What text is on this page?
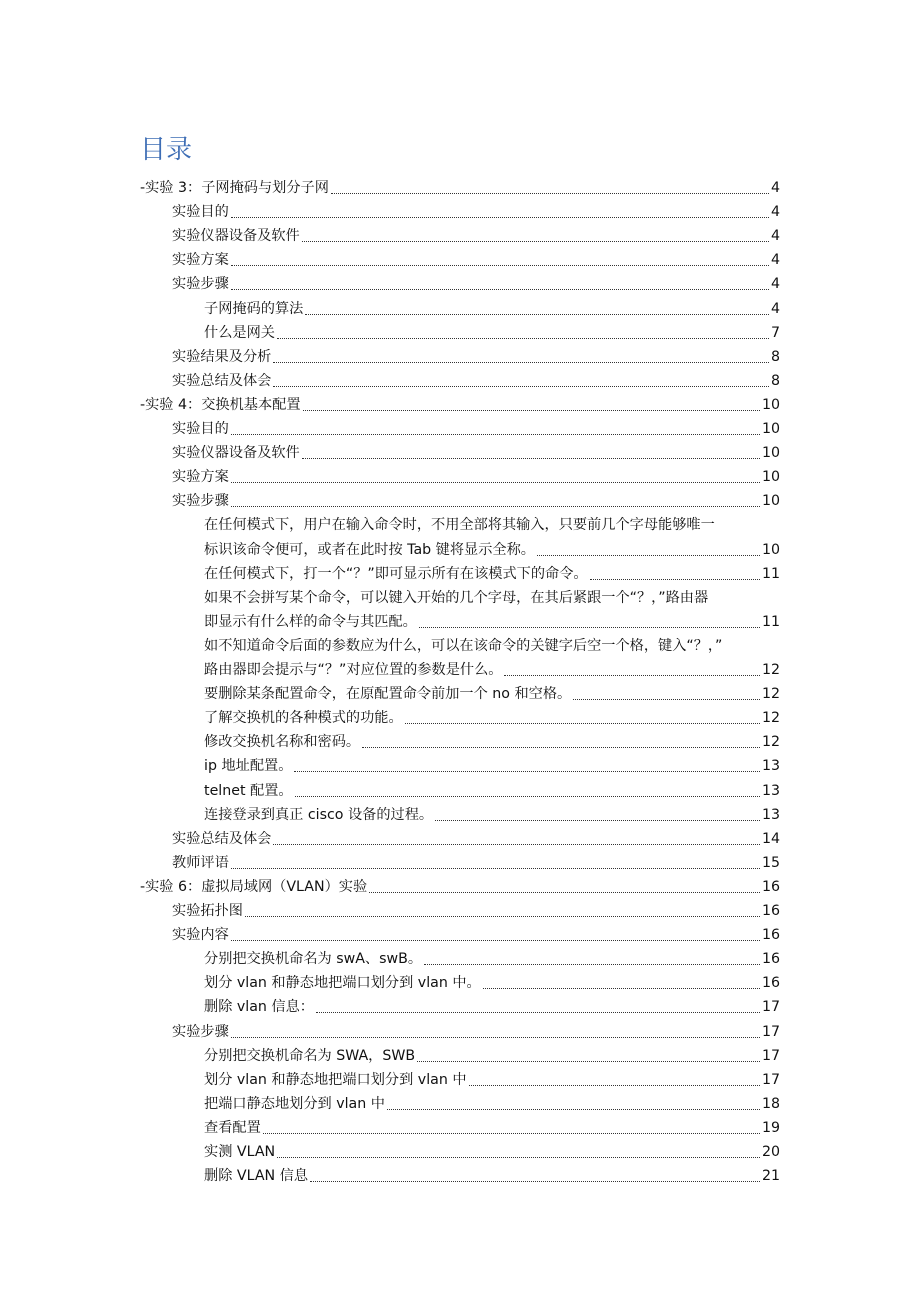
目录
-实验 3：子网掩码与划分子网	4
实验目的	4
实验仪器设备及软件	4
实验方案	4
实验步骤	4
子网掩码的算法	4
什么是网关	7
实验结果及分析	8
实验总结及体会	8
-实验 4：交换机基本配置	10
实验目的	10
实验仪器设备及软件	10
实验方案	10
实验步骤	10
在任何模式下，用户在输入命令时，不用全部将其输入，只要前几个字母能够唯一
标识该命令便可，或者在此时按 Tab 键将显示全称。	10
在任何模式下，打一个“？”即可显示所有在该模式下的命令。	11
如果不会拼写某个命令，可以键入开始的几个字母，在其后紧跟一个“？，”路由器
即显示有什么样的命令与其匹配。	11
如不知道命令后面的参数应为什么，可以在该命令的关键字后空一个格，键入“？，”
路由器即会提示与“？”对应位置的参数是什么。	12
要删除某条配置命令，在原配置命令前加一个 no 和空格。	12
了解交换机的各种模式的功能。	12
修改交换机名称和密码。	12
ip 地址配置。	13
telnet 配置。	13
连接登录到真正 cisco 设备的过程。	13
实验总结及体会	14
教师评语	15
-实验 6：虚拟局域网（VLAN）实验	16
实验拓扑图	16
实验内容	16
分别把交换机命名为 swA、swB。	16
划分 vlan 和静态地把端口划分到 vlan 中。	16
删除 vlan 信息：	17
实验步骤	17
分别把交换机命名为 SWA，SWB	17
划分 vlan 和静态地把端口划分到 vlan 中	17
把端口静态地划分到 vlan 中	18
查看配置	19
实测 VLAN	20
删除 VLAN 信息	21
